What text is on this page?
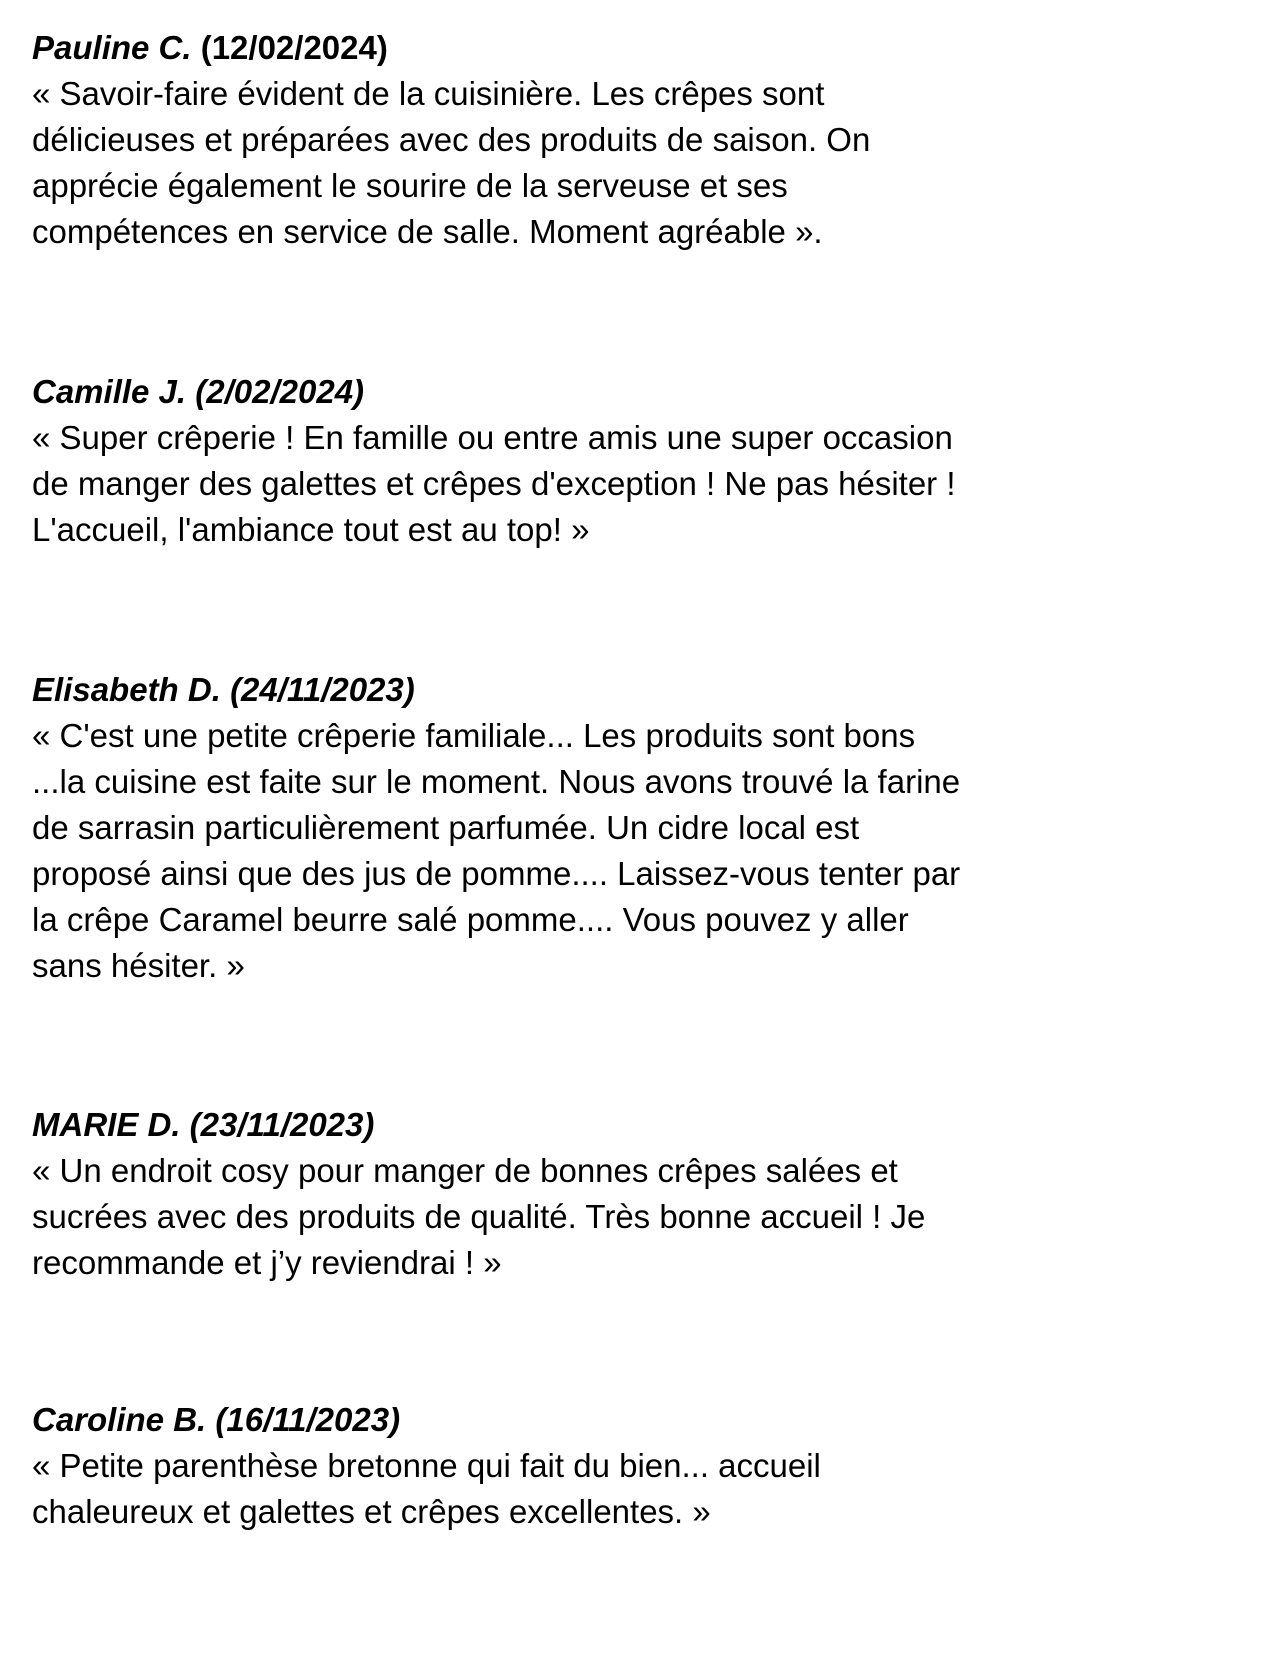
Pauline C. (12/02/2024)
« Savoir-faire évident de la cuisinière. Les crêpes sont
délicieuses et préparées avec des produits de saison. On
apprécie également le sourire de la serveuse et ses
compétences en service de salle. Moment agréable ».
Camille J. (2/02/2024)
« Super crêperie ! En famille ou entre amis une super occasion
de manger des galettes et crêpes d'exception ! Ne pas hésiter !
L'accueil, l'ambiance tout est au top! »
Elisabeth D. (24/11/2023)
« C'est une petite crêperie familiale... Les produits sont bons
...la cuisine est faite sur le moment. Nous avons trouvé la farine
de sarrasin particulièrement parfumée. Un cidre local est
proposé ainsi que des jus de pomme.... Laissez-vous tenter par
la crêpe Caramel beurre salé pomme.... Vous pouvez y aller
sans hésiter. »
MARIE D. (23/11/2023)
« Un endroit cosy pour manger de bonnes crêpes salées et
sucrées avec des produits de qualité. Très bonne accueil ! Je
recommande et j’y reviendrai ! »
Caroline B. (16/11/2023)
« Petite parenthèse bretonne qui fait du bien... accueil
chaleureux et galettes et crêpes excellentes. »
